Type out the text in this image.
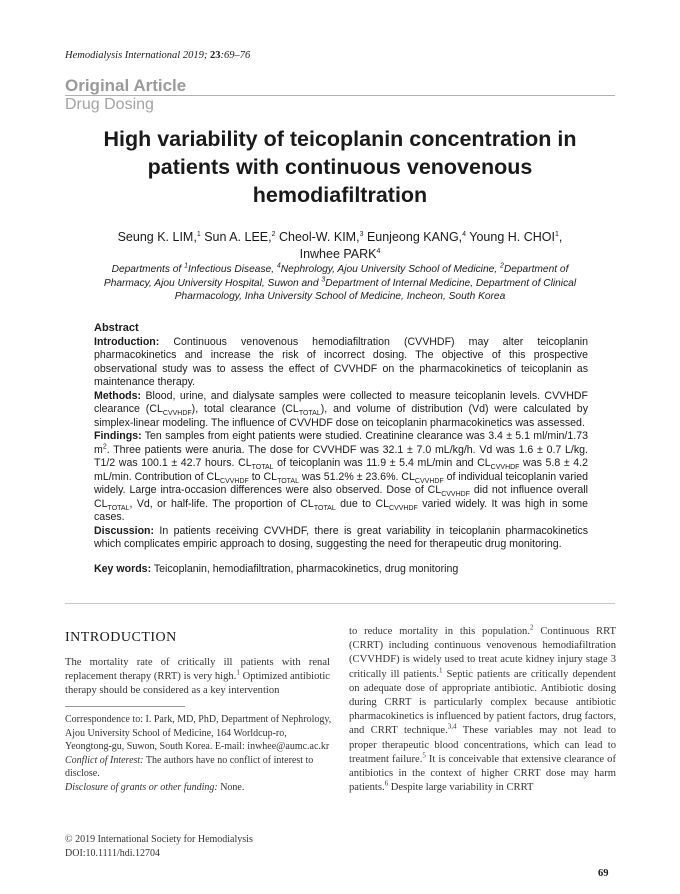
Hemodialysis International 2019; 23:69–76
Original Article
Drug Dosing
High variability of teicoplanin concentration in patients with continuous venovenous hemodiafiltration
Seung K. LIM,$^1$ Sun A. LEE,$^2$ Cheol-W. KIM,$^3$ Eunjeong KANG,$^4$ Young H. CHOI$^1$,
Inwhee PARK$^4$
Departments of $^1$Infectious Disease, $^4$Nephrology, Ajou University School of Medicine, $^2$Department of Pharmacy, Ajou University Hospital, Suwon and $^3$Department of Internal Medicine, Department of Clinical Pharmacology, Inha University School of Medicine, Incheon, South Korea
Abstract

Introduction: Continuous venovenous hemodiafiltration (CVVHDF) may alter teicoplanin pharmacokinetics and increase the risk of incorrect dosing. The objective of this prospective observational study was to assess the effect of CVVHDF on the pharmacokinetics of teicoplanin as maintenance therapy.

Methods: Blood, urine, and dialysate samples were collected to measure teicoplanin levels. CVVHDF clearance $(CL_{CVVHDF})$, total clearance $(CL_{TOTAL})$, and volume of distribution (Vd) were calculated by simplex-linear modeling. The influence of CVVHDF dose on teicoplanin pharmacokinetics was assessed.

Findings: Ten samples from eight patients were studied. Creatinine clearance was 3.4 ± 5.1 ml/min/1.73 $m^2$. Three patients were anuria. The dose for CVVHDF was 32.1 ± 7.0 mL/kg/h. Vd was 1.6 ± 0.7 L/kg. T1/2 was 100.1 ± 42.7 hours. $CL_{TOTAL}$ of teicoplanin was 11.9 ± 5.4 mL/min and $CL_{CVVHDF}$ was 5.8 ± 4.2 mL/min. Contribution of $CL_{CVVHDF}$ to $CL_{TOTAL}$ was 51.2% ± 23.6%. $CL_{CVVHDF}$ of individual teicoplanin varied widely. Large intra-occasion differences were also observed. Dose of $CL_{CVVHDF}$ did not influence overall $CL_{TOTAL}$, Vd, or half-life. The proportion of $CL_{TOTAL}$ due to $CL_{CVVHDF}$ varied widely. It was high in some cases.

Discussion: In patients receiving CVVHDF, there is great variability in teicoplanin pharmacokinetics which complicates empiric approach to dosing, suggesting the need for therapeutic drug monitoring.

Key words: Teicoplanin, hemodiafiltration, pharmacokinetics, drug monitoring
INTRODUCTION

The mortality rate of critically ill patients with renal replacement therapy (RRT) is very high.$^1$ Optimized antibiotic therapy should be considered as a key intervention

to reduce mortality in this population.$^2$ Continuous RRT (CRRT) including continuous venovenous hemodiafiltration (CVVHDF) is widely used to treat acute kidney injury stage 3 critically ill patients.$^1$ Septic patients are critically dependent on adequate dose of appropriate antibiotic. Antibiotic dosing during CRRT is particularly complex because antibiotic pharmacokinetics is influenced by patient factors, drug factors, and CRRT technique.$^{3,4}$ These variables may not lead to proper therapeutic blood concentrations, which can lead to treatment failure.$^5$ It is conceivable that extensive clearance of antibiotics in the context of higher CRRT dose may harm patients.$^6$ Despite large variability in CRRT

Correspondence to: I. Park, MD, PhD, Department of Nephrology, Ajou University School of Medicine, 164 Worldcup-ro, Yeongtong-gu, Suwon, South Korea. E-mail: inwhee@aumc.ac.kr

Conflict of Interest: The authors have no conflict of interest to disclose.

Disclosure of grants or other funding: None.

© 2019 International Society for Hemodialysis
DOI:10.1111/hdi.12704
69
